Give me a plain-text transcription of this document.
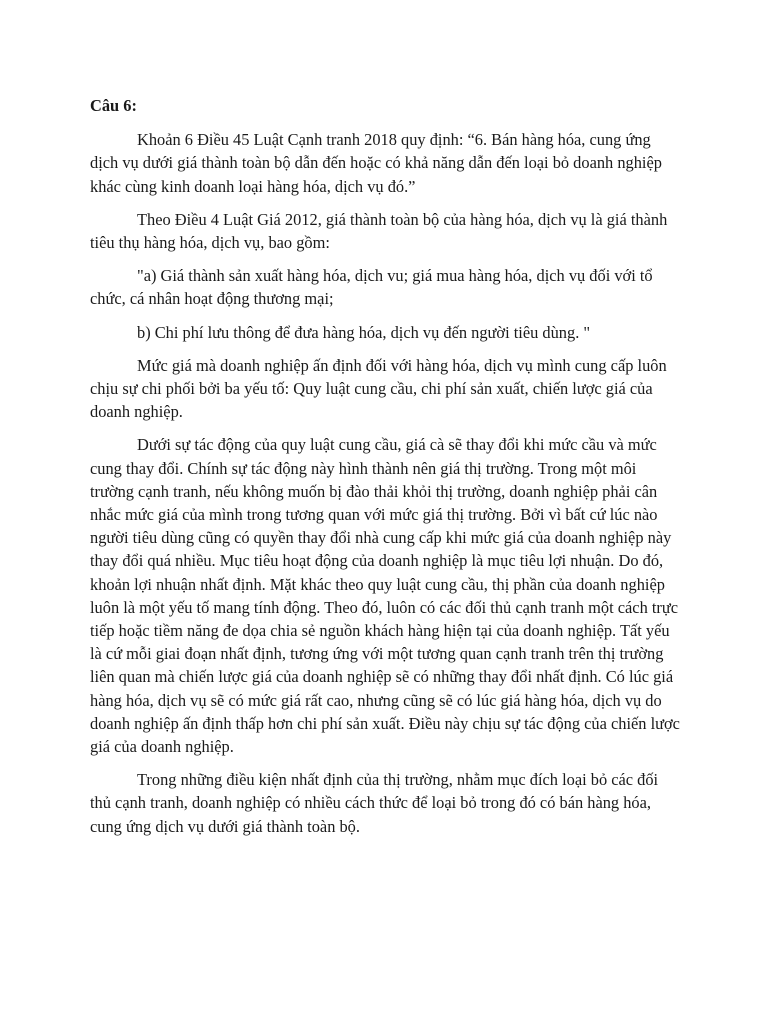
Câu 6:

Khoản 6 Điều 45 Luật Cạnh tranh 2018 quy định: “6. Bán hàng hóa, cung ứng dịch vụ dưới giá thành toàn bộ dẫn đến hoặc có khả năng dẫn đến loại bỏ doanh nghiệp khác cùng kinh doanh loại hàng hóa, dịch vụ đó.”

Theo Điều 4 Luật Giá 2012, giá thành toàn bộ của hàng hóa, dịch vụ là giá thành tiêu thụ hàng hóa, dịch vụ, bao gồm:

"a) Giá thành sản xuất hàng hóa, dịch vu; giá mua hàng hóa, dịch vụ đối với tổ chức, cá nhân hoạt động thương mại;

b) Chi phí lưu thông để đưa hàng hóa, dịch vụ đến người tiêu dùng. "

Mức giá mà doanh nghiệp ấn định đối với hàng hóa, dịch vụ mình cung cấp luôn chịu sự chi phối bởi ba yếu tố: Quy luật cung cầu, chi phí sản xuất, chiến lược giá của doanh nghiệp.

Dưới sự tác động của quy luật cung cầu, giá cà sẽ thay đổi khi mức cầu và mức cung thay đổi. Chính sự tác động này hình thành nên giá thị trường. Trong một môi trường cạnh tranh, nếu không muốn bị đào thải khỏi thị trường, doanh nghiệp phải cân nhắc mức giá của mình trong tương quan với mức giá thị trường. Bởi vì bất cứ lúc nào người tiêu dùng cũng có quyền thay đổi nhà cung cấp khi mức giá của doanh nghiệp này thay đổi quá nhiều. Mục tiêu hoạt động của doanh nghiệp là mục tiêu lợi nhuận. Do đó, khoản lợi nhuận nhất định. Mặt khác theo quy luật cung cầu, thị phần của doanh nghiệp luôn là một yếu tố mang tính động. Theo đó, luôn có các đối thủ cạnh tranh một cách trực tiếp hoặc tiềm năng đe dọa chia sẻ nguồn khách hàng hiện tại của doanh nghiệp. Tất yếu là cứ mỗi giai đoạn nhất định, tương ứng với một tương quan cạnh tranh trên thị trường liên quan mà chiến lược giá của doanh nghiệp sẽ có những thay đổi nhất định. Có lúc giá hàng hóa, dịch vụ sẽ có mức giá rất cao, nhưng cũng sẽ có lúc giá hàng hóa, dịch vụ do doanh nghiệp ấn định thấp hơn chi phí sản xuất. Điều này chịu sự tác động của chiến lược giá của doanh nghiệp.

Trong những điều kiện nhất định của thị trường, nhằm mục đích loại bỏ các đối thủ cạnh tranh, doanh nghiệp có nhiều cách thức để loại bỏ trong đó có bán hàng hóa, cung ứng dịch vụ dưới giá thành toàn bộ.
